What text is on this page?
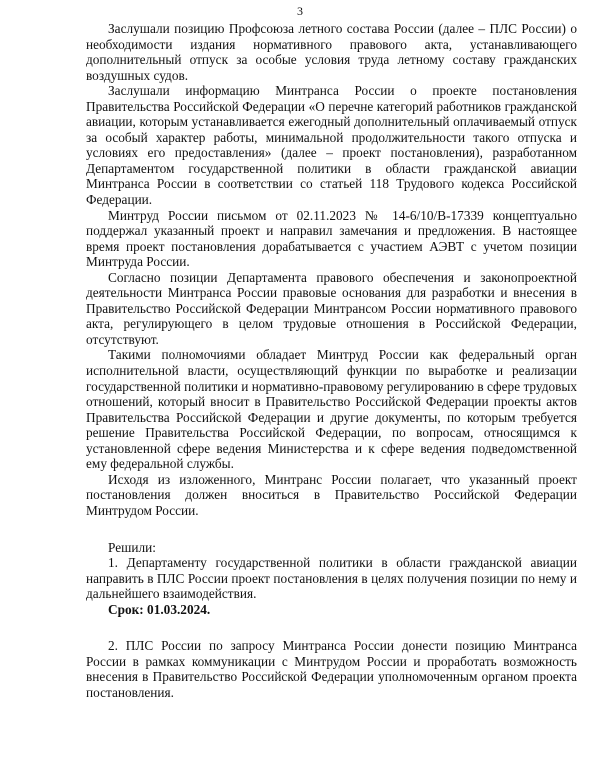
3

Заслушали позицию Профсоюза летного состава России (далее – ПЛС России) о необходимости издания нормативного правового акта, устанавливающего дополнительный отпуск за особые условия труда летному составу гражданских воздушных судов.

Заслушали информацию Минтранса России о проекте постановления Правительства Российской Федерации «О перечне категорий работников гражданской авиации, которым устанавливается ежегодный дополнительный оплачиваемый отпуск за особый характер работы, минимальной продолжительности такого отпуска и условиях его предоставления» (далее – проект постановления), разработанном Департаментом государственной политики в области гражданской авиации Минтранса России в соответствии со статьей 118 Трудового кодекса Российской Федерации.

Минтруд России письмом от 02.11.2023 № 14-6/10/В-17339 концептуально поддержал указанный проект и направил замечания и предложения. В настоящее время проект постановления дорабатывается с участием АЭВТ с учетом позиции Минтруда России.

Согласно позиции Департамента правового обеспечения и законопроектной деятельности Минтранса России правовые основания для разработки и внесения в Правительство Российской Федерации Минтрансом России нормативного правового акта, регулирующего в целом трудовые отношения в Российской Федерации, отсутствуют.

Такими полномочиями обладает Минтруд России как федеральный орган исполнительной власти, осуществляющий функции по выработке и реализации государственной политики и нормативно-правовому регулированию в сфере трудовых отношений, который вносит в Правительство Российской Федерации проекты актов Правительства Российской Федерации и другие документы, по которым требуется решение Правительства Российской Федерации, по вопросам, относящимся к установленной сфере ведения Министерства и к сфере ведения подведомственной ему федеральной службы.

Исходя из изложенного, Минтранс России полагает, что указанный проект постановления должен вноситься в Правительство Российской Федерации Минтрудом России.

Решили:

1. Департаменту государственной политики в области гражданской авиации направить в ПЛС России проект постановления в целях получения позиции по нему и дальнейшего взаимодействия.

Срок: 01.03.2024.

2. ПЛС России по запросу Минтранса России донести позицию Минтранса России в рамках коммуникации с Минтрудом России и проработать возможность внесения в Правительство Российской Федерации уполномоченным органом проекта постановления.
